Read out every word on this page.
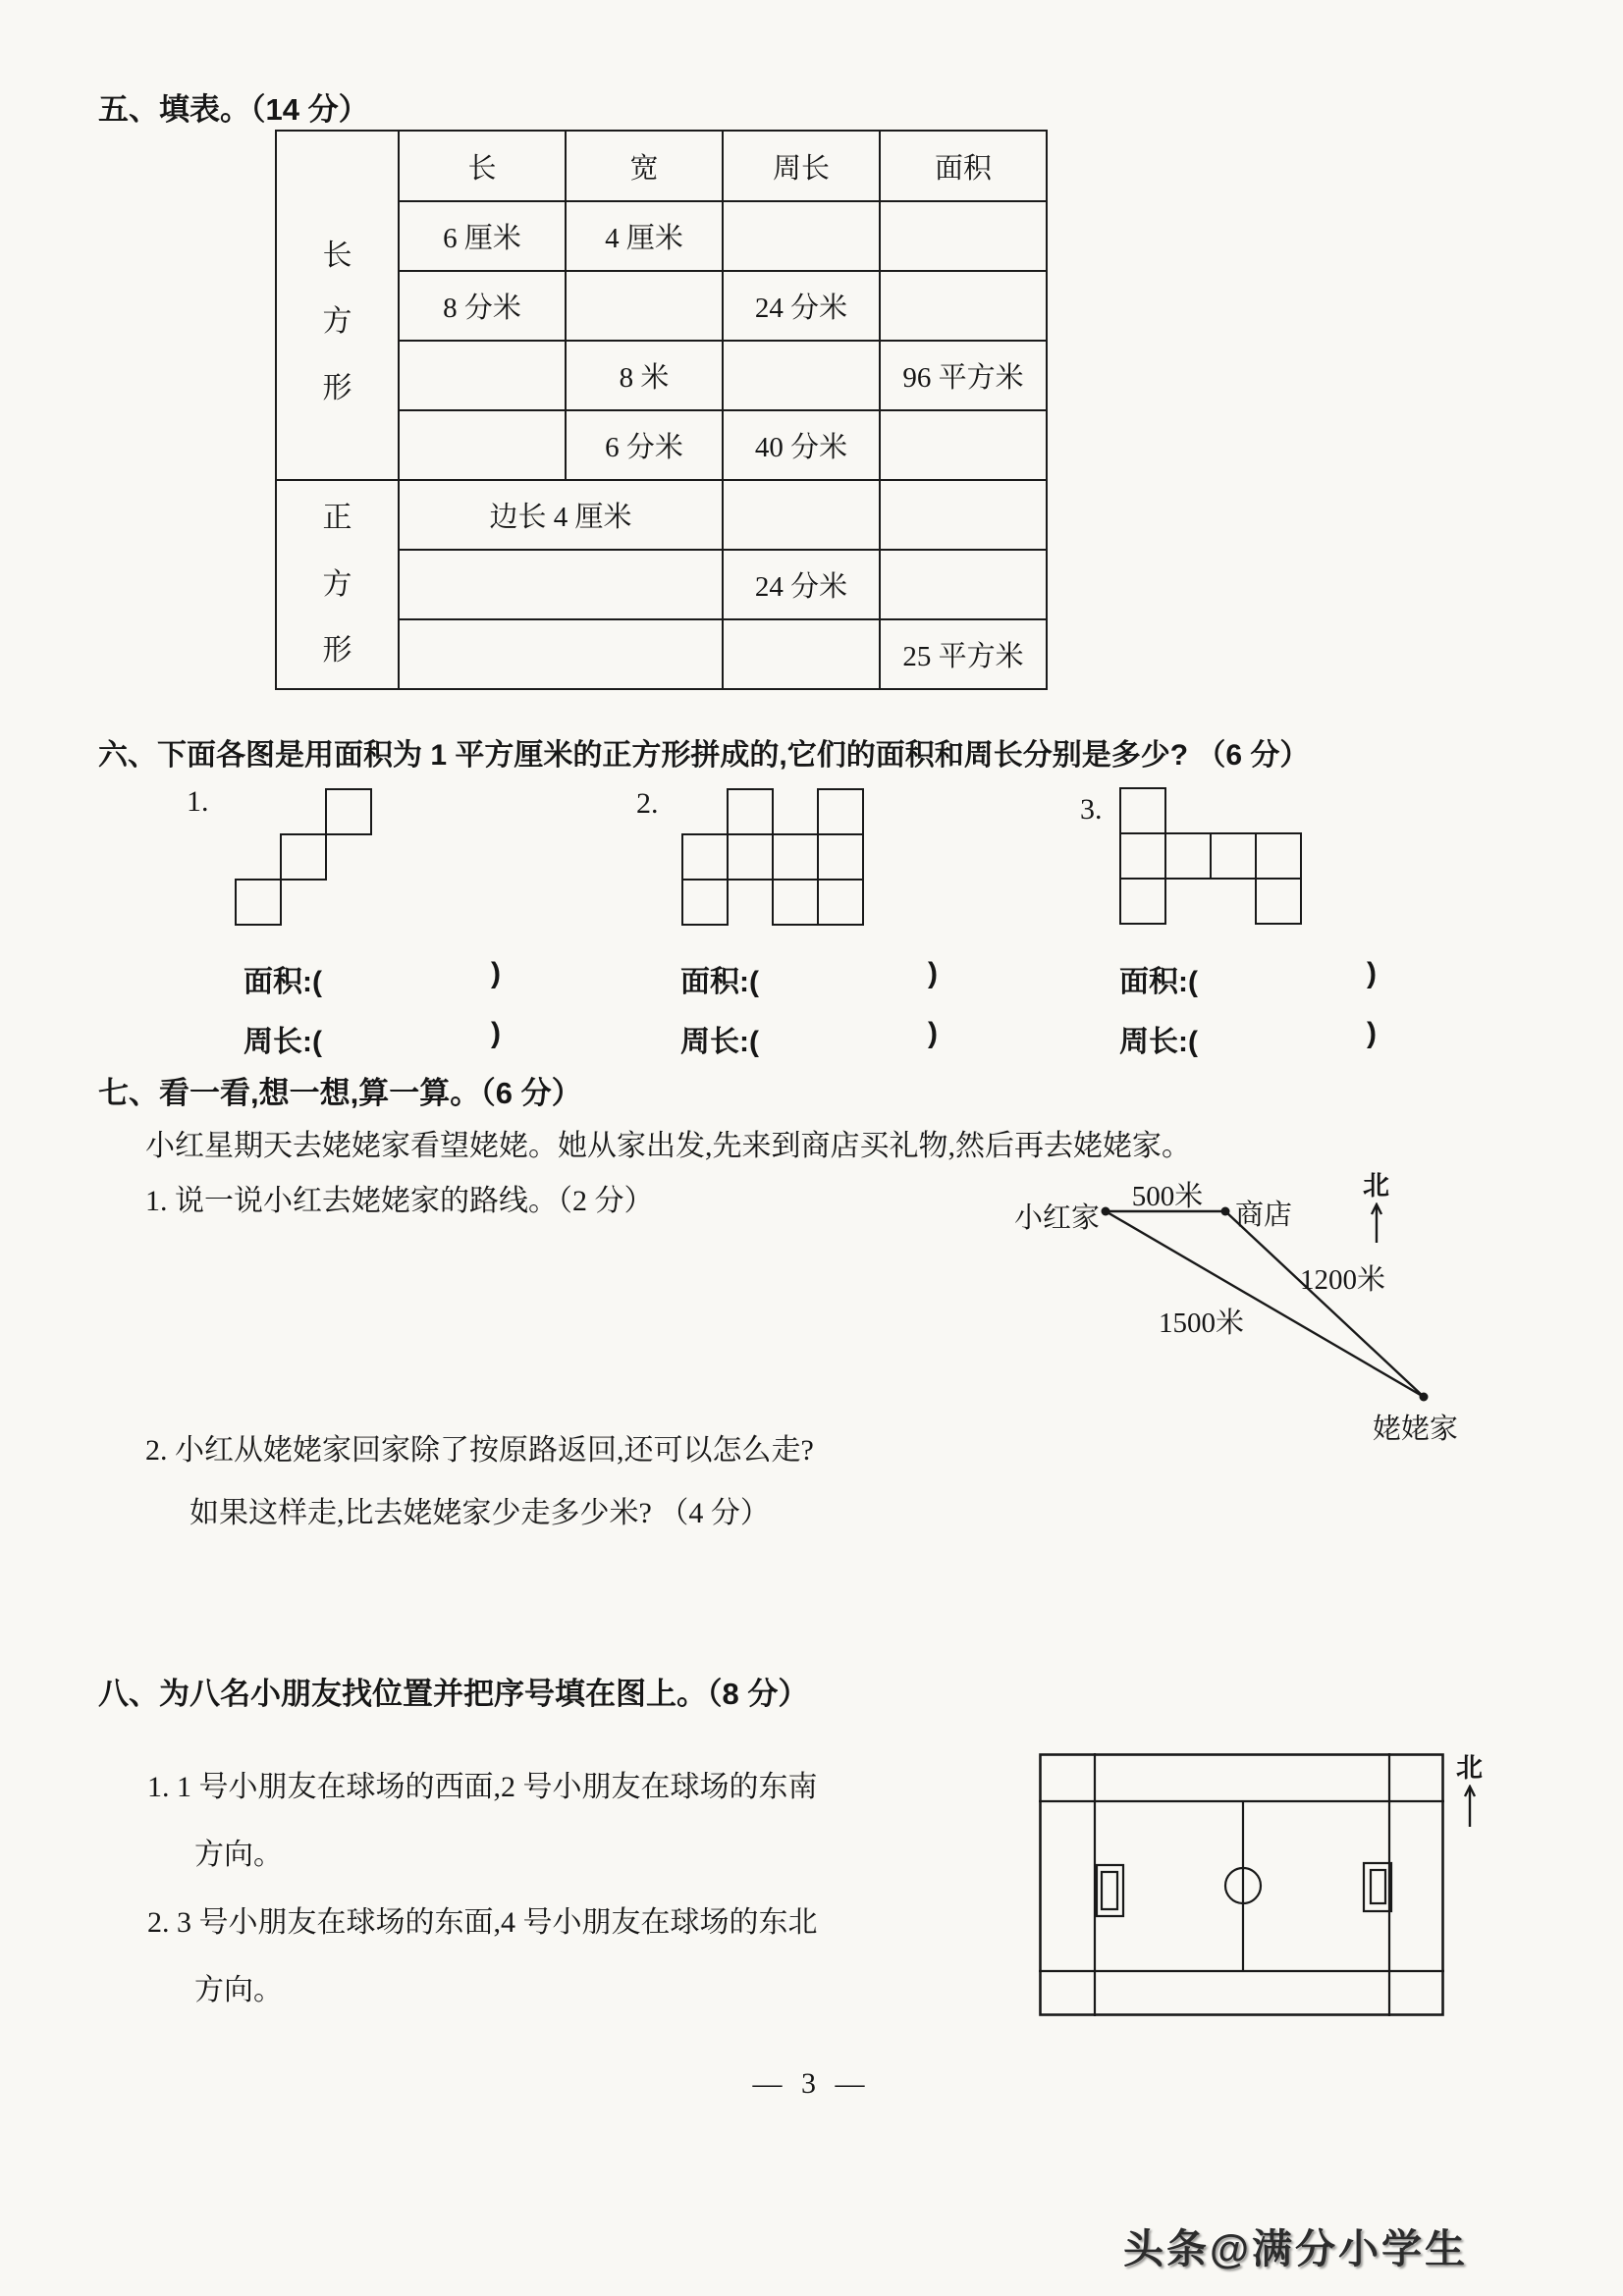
五、填表。（14 分）
长方形	长	宽	周长	面积
	6 厘米	4 厘米		
	8 分米		24 分米	
		8 米		96 平方米
		6 分米	40 分米	

正方形	边长 4 厘米			
			24 分米	
				25 平方米
六、下面各图是用面积为 1 平方厘米的正方形拼成的,它们的面积和周长分别是多少? （6 分）
1.
面积:(	)
周长:(	)
2.
面积:(	)
周长:(	)
3.
面积:(	)
周长:(	)
七、看一看,想一想,算一算。（6 分）
小红星期天去姥姥家看望姥姥。她从家出发,先来到商店买礼物,然后再去姥姥家。
1. 说一说小红去姥姥家的路线。（2 分）
小红家
500米
商店
1200米
1500米
姥姥家
北
2. 小红从姥姥家回家除了按原路返回,还可以怎么走?
如果这样走,比去姥姥家少走多少米? （4 分）
八、为八名小朋友找位置并把序号填在图上。（8 分）
1. 1 号小朋友在球场的西面,2 号小朋友在球场的东南
方向。
2. 3 号小朋友在球场的东面,4 号小朋友在球场的东北
方向。
北
— 3 —
头条@满分小学生
